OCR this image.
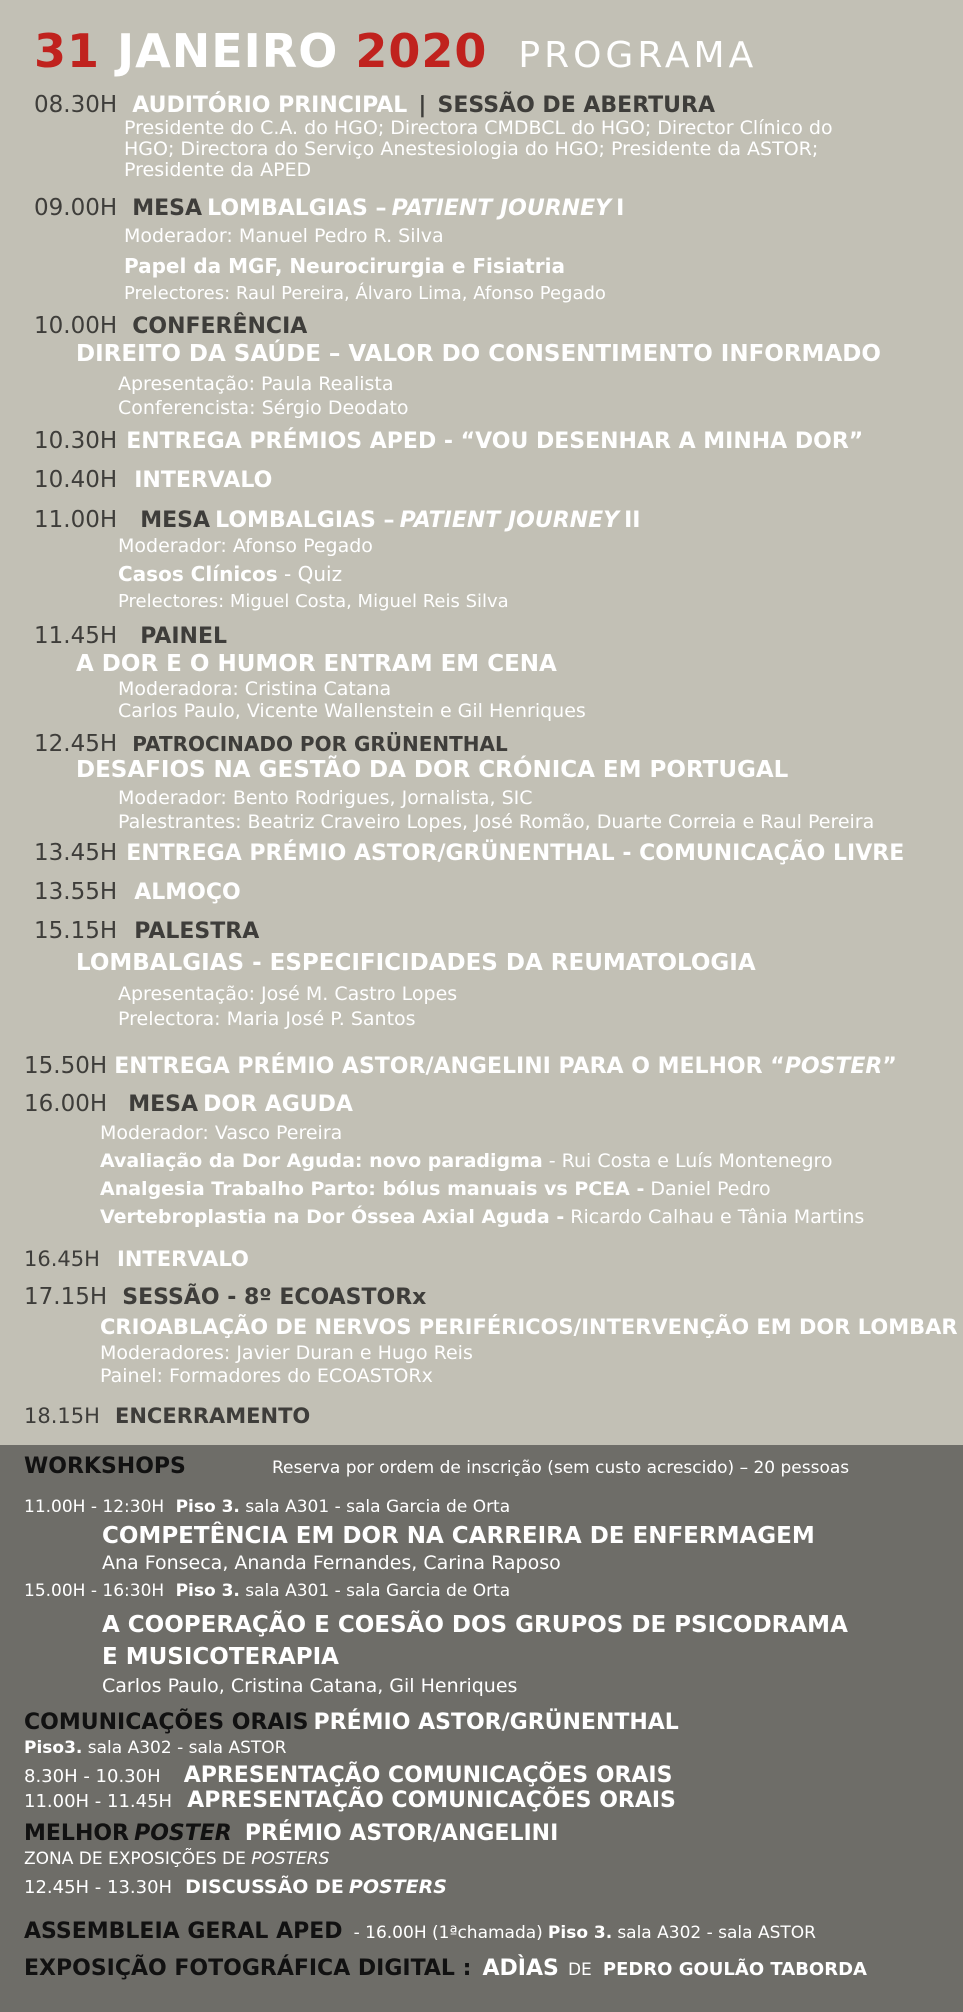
31 JANEIRO 2020 PROGRAMA
08.30H AUDITÓRIO PRINCIPAL | SESSÃO DE ABERTURA
Presidente do C.A. do HGO; Directora CMDBCL do HGO; Director Clínico do
HGO; Directora do Serviço Anestesiologia do HGO; Presidente da ASTOR;
Presidente da APED
09.00H MESA LOMBALGIAS – PATIENT JOURNEY I
Moderador: Manuel Pedro R. Silva
Papel da MGF, Neurocirurgia e Fisiatria
Prelectores: Raul Pereira, Álvaro Lima, Afonso Pegado
10.00H CONFERÊNCIA
DIREITO DA SAÚDE – VALOR DO CONSENTIMENTO INFORMADO
Apresentação: Paula Realista
Conferencista: Sérgio Deodato
10.30H ENTREGA PRÉMIOS APED - “VOU DESENHAR A MINHA DOR”
10.40H INTERVALO
11.00H MESA LOMBALGIAS – PATIENT JOURNEY II
Moderador: Afonso Pegado
Casos Clínicos - Quiz
Prelectores: Miguel Costa, Miguel Reis Silva
11.45H PAINEL
A DOR E O HUMOR ENTRAM EM CENA
Moderadora: Cristina Catana
Carlos Paulo, Vicente Wallenstein e Gil Henriques
12.45H PATROCINADO POR GRÜNENTHAL
DESAFIOS NA GESTÃO DA DOR CRÓNICA EM PORTUGAL
Moderador: Bento Rodrigues, Jornalista, SIC
Palestrantes: Beatriz Craveiro Lopes, José Romão, Duarte Correia e Raul Pereira
13.45H ENTREGA PRÉMIO ASTOR/GRÜNENTHAL - COMUNICAÇÃO LIVRE
13.55H ALMOÇO
15.15H PALESTRA
LOMBALGIAS - ESPECIFICIDADES DA REUMATOLOGIA
Apresentação: José M. Castro Lopes
Prelectora: Maria José P. Santos
15.50H ENTREGA PRÉMIO ASTOR/ANGELINI PARA O MELHOR “POSTER”
16.00H MESA DOR AGUDA
Moderador: Vasco Pereira
Avaliação da Dor Aguda: novo paradigma - Rui Costa e Luís Montenegro
Analgesia Trabalho Parto: bólus manuais vs PCEA - Daniel Pedro
Vertebroplastia na Dor Óssea Axial Aguda - Ricardo Calhau e Tânia Martins
16.45H INTERVALO
17.15H SESSÃO - 8º ECOASTORx
CRIOABLAÇÃO DE NERVOS PERIFÉRICOS/INTERVENÇÃO EM DOR LOMBAR
Moderadores: Javier Duran e Hugo Reis
Painel: Formadores do ECOASTORx
18.15H ENCERRAMENTO
WORKSHOPS	Reserva por ordem de inscrição (sem custo acrescido) – 20 pessoas
11.00H - 12:30H Piso 3. sala A301 - sala Garcia de Orta
COMPETÊNCIA EM DOR NA CARREIRA DE ENFERMAGEM
Ana Fonseca, Ananda Fernandes, Carina Raposo
15.00H - 16:30H Piso 3. sala A301 - sala Garcia de Orta
A COOPERAÇÃO E COESÃO DOS GRUPOS DE PSICODRAMA
E MUSICOTERAPIA
Carlos Paulo, Cristina Catana, Gil Henriques
COMUNICAÇÕES ORAIS PRÉMIO ASTOR/GRÜNENTHAL
Piso3. sala A302 - sala ASTOR
8.30H - 10.30H APRESENTAÇÃO COMUNICAÇÕES ORAIS
11.00H - 11.45H APRESENTAÇÃO COMUNICAÇÕES ORAIS
MELHOR POSTER PRÉMIO ASTOR/ANGELINI
ZONA DE EXPOSIÇÕES DE POSTERS
12.45H - 13.30H DISCUSSÃO DE POSTERS
ASSEMBLEIA GERAL APED - 16.00H (1ªchamada) Piso 3. sala A302 - sala ASTOR
EXPOSIÇÃO FOTOGRÁFICA DIGITAL : ADÌAS DE PEDRO GOULÃO TABORDA
